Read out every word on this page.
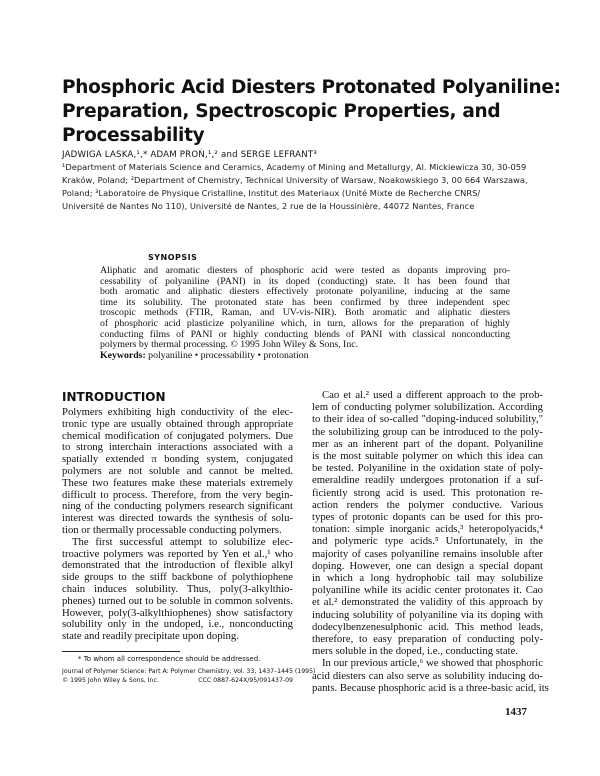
Phosphoric Acid Diesters Protonated Polyaniline:
Preparation, Spectroscopic Properties, and Processability
JADWIGA LASKA,¹,* ADAM PROŃ,¹,² and SERGE LEFRANT³
¹Department of Materials Science and Ceramics, Academy of Mining and Metallurgy, Al. Mickiewicza 30, 30-059
Kraków, Poland; ²Department of Chemistry, Technical University of Warsaw, Noakowskiego 3, 00 664 Warszawa,
Poland; ³Laboratoire de Physique Cristalline, Institut des Materiaux (Unité Mixte de Recherche CNRS/
Université de Nantes No 110), Université de Nantes, 2 rue de la Houssinière, 44072 Nantes, France
SYNOPSIS
Aliphatic and aromatic diesters of phosphoric acid were tested as dopants improving pro-
cessability of polyaniline (PANI) in its doped (conducting) state. It has been found that
both aromatic and aliphatic diesters effectively protonate polyaniline, inducing at the same
time its solubility. The protonated state has been confirmed by three independent spec
troscopic methods (FTIR, Raman, and UV-vis-NIR). Both aromatic and aliphatic diesters
of phosphoric acid plasticize polyaniline which, in turn, allows for the preparation of highly
conducting films of PANI or highly conducting blends of PANI with classical nonconducting
polymers by thermal processing. © 1995 John Wiley & Sons, Inc.
Keywords: polyaniline • processability • protonation
INTRODUCTION
Polymers exhibiting high conductivity of the elec-
tronic type are usually obtained through appropriate
chemical modification of conjugated polymers. Due
to strong interchain interactions associated with a
spatially extended π bonding system, conjugated
polymers are not soluble and cannot be melted.
These two features make these materials extremely
difficult to process. Therefore, from the very begin-
ning of the conducting polymers research significant
interest was directed towards the synthesis of solu-
tion or thermally processable conducting polymers.
The first successful attempt to solubilize elec-
troactive polymers was reported by Yen et al.,¹ who
demonstrated that the introduction of flexible alkyl
side groups to the stiff backbone of polythiophene
chain induces solubility. Thus, poly(3-alkylthio-
phenes) turned out to be soluble in common solvents.
However, poly(3-alkylthiophenes) show satisfactory
solubility only in the undoped, i.e., nonconducting
state and readily precipitate upon doping.
Cao et al.² used a different approach to the prob-
lem of conducting polymer solubilization. According
to their idea of so-called "doping-induced solubility,"
the solubilizing group can be introduced to the poly-
mer as an inherent part of the dopant. Polyaniline
is the most suitable polymer on which this idea can
be tested. Polyaniline in the oxidation state of poly-
emeraldine readily undergoes protonation if a suf-
ficiently strong acid is used. This protonation re-
action renders the polymer conductive. Various
types of protonic dopants can be used for this pro-
tonation: simple inorganic acids,³ heteropolyacids,⁴
and polymeric type acids.⁵ Unfortunately, in the
majority of cases polyaniline remains insoluble after
doping. However, one can design a special dopant
in which a long hydrophobic tail may solubilize
polyaniline while its acidic center protonates it. Cao
et al.² demonstrated the validity of this approach by
inducing solubility of polyaniline via its doping with
dodecylbenzenesulphonic acid. This method leads,
therefore, to easy preparation of conducting poly-
mers soluble in the doped, i.e., conducting state.
In our previous article,⁶ we showed that phosphoric
acid diesters can also serve as solubility inducing do-
pants. Because phosphoric acid is a three-basic acid, its
* To whom all correspondence should be addressed.
Journal of Polymer Science: Part A: Polymer Chemistry, Vol. 33, 1437–1445 (1995)
© 1995 John Wiley & Sons, Inc.	CCC 0887-624X/95/091437-09
1437
